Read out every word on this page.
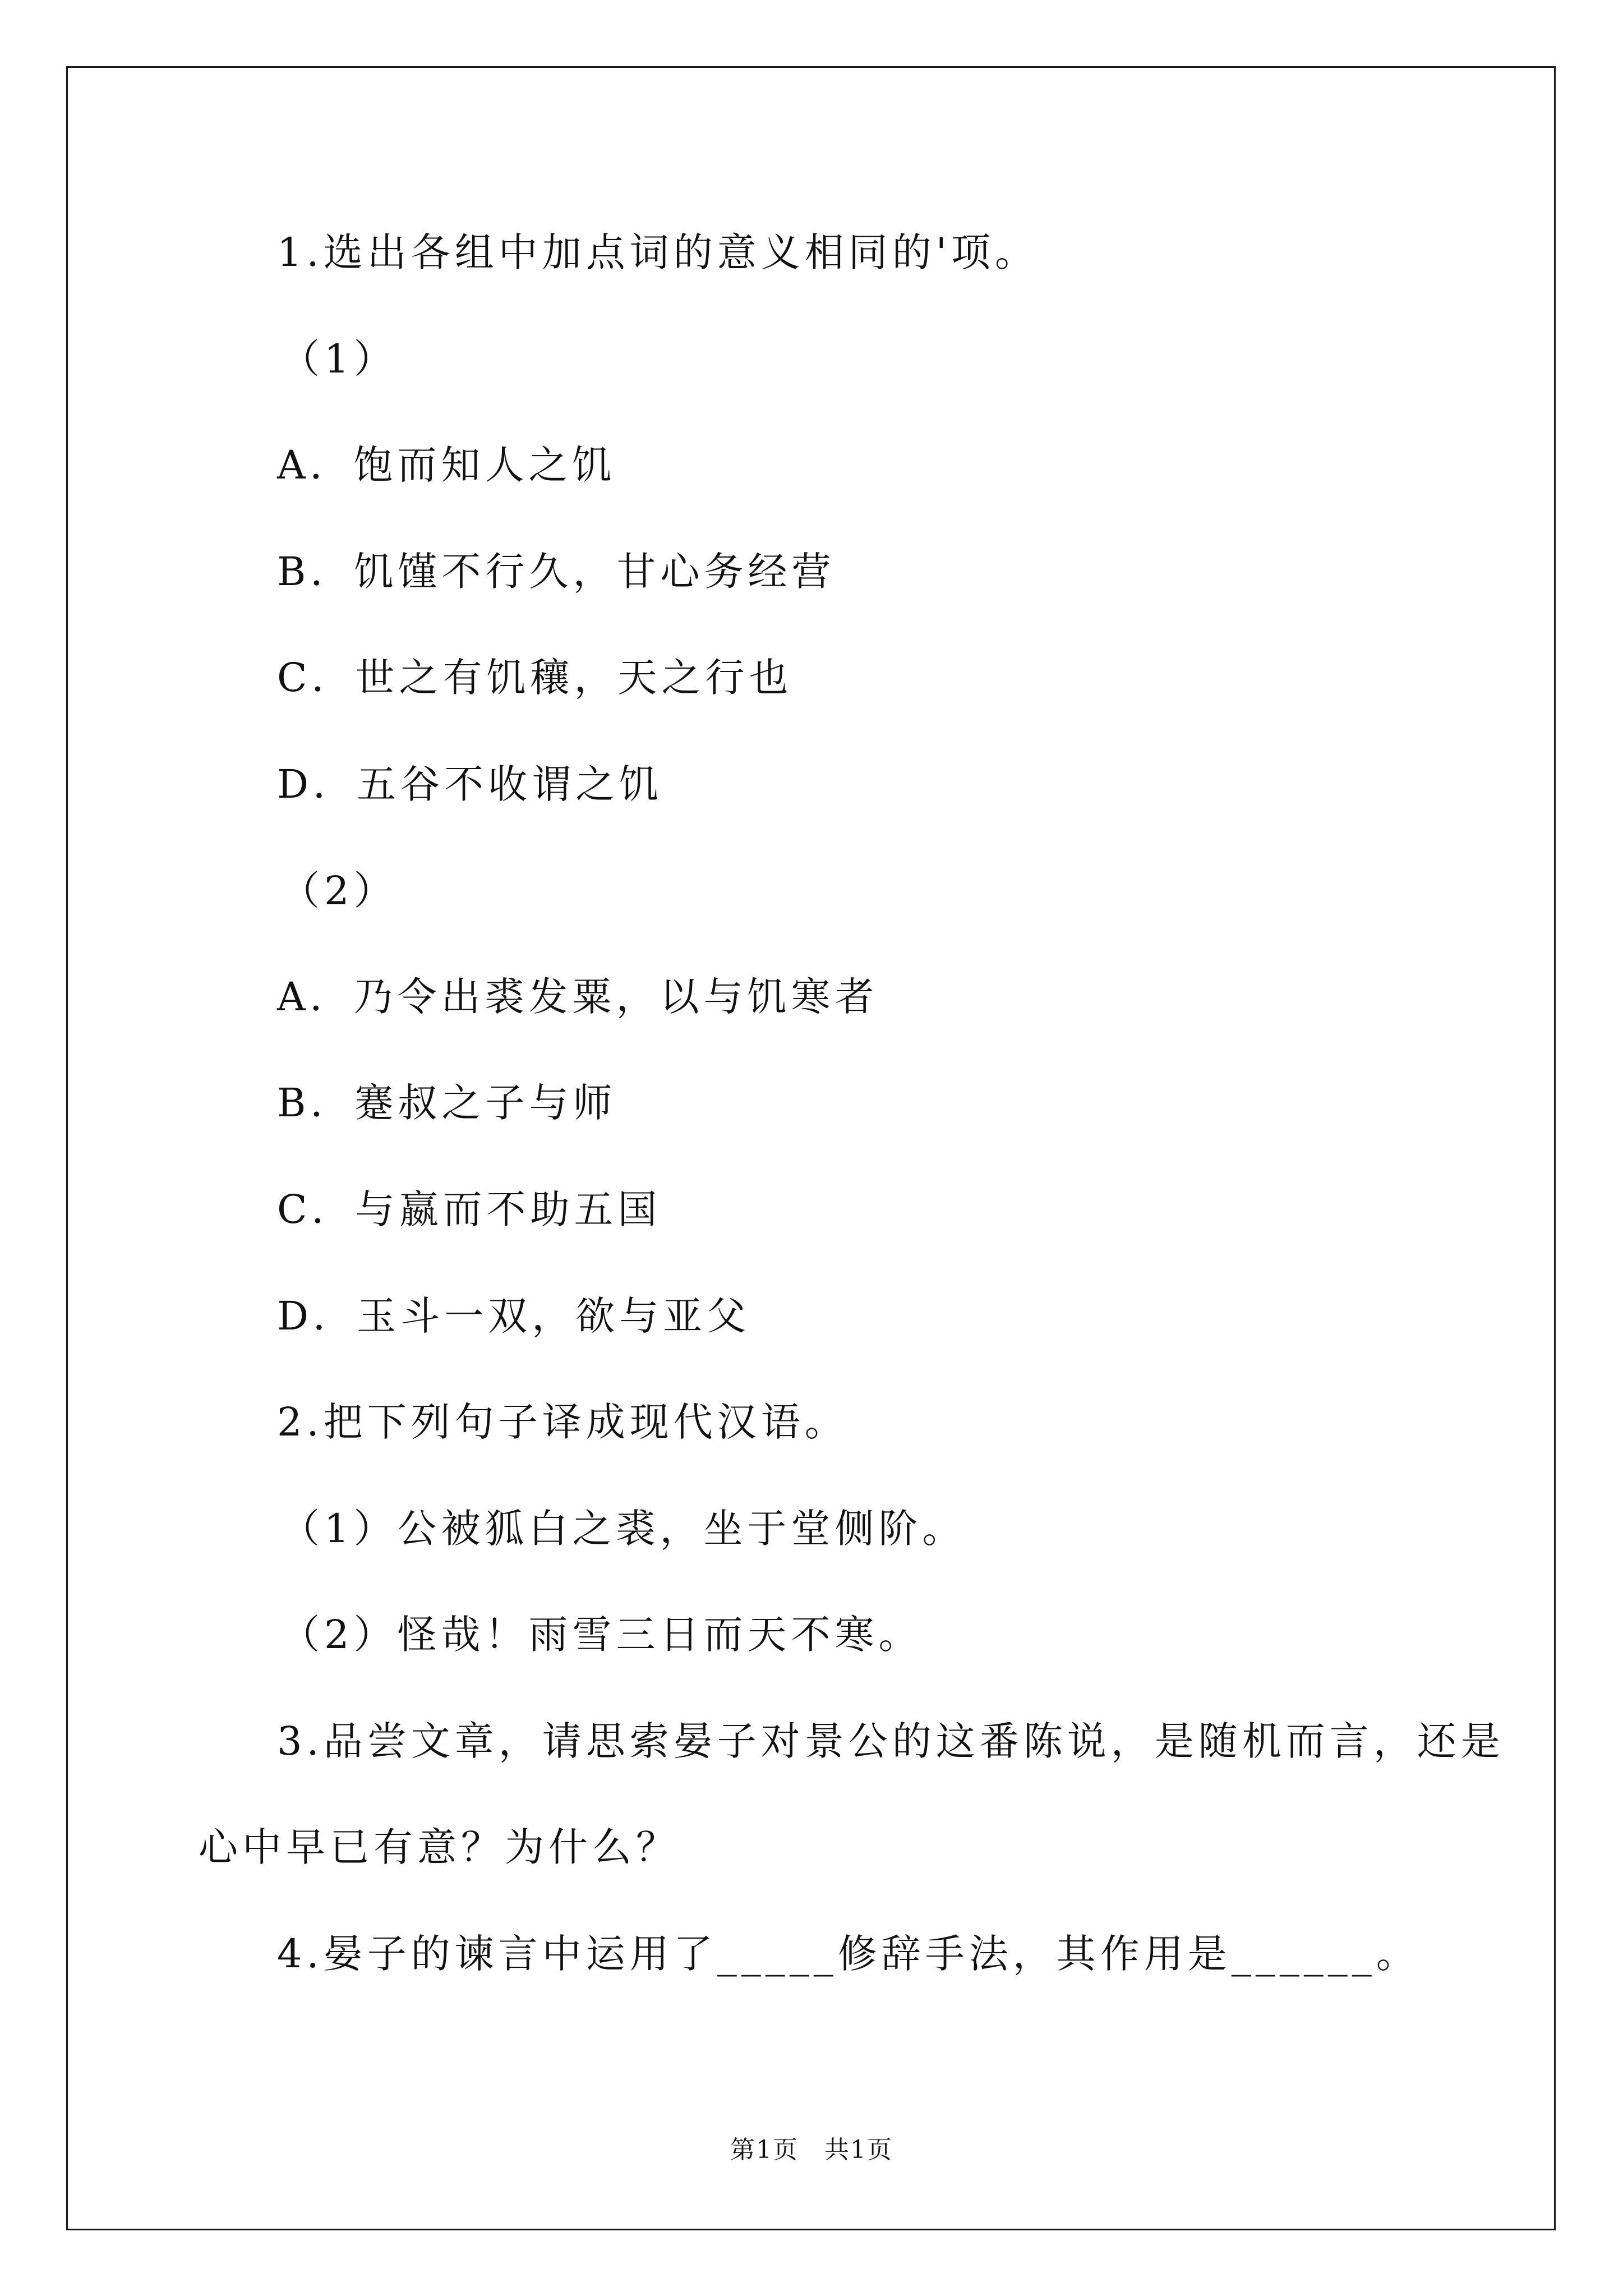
1.选出各组中加点词的意义相同的'项。
（1）
A．饱而知人之饥
B．饥馑不行久，甘心务经营
C．世之有饥穰，天之行也
D．五谷不收谓之饥
（2）
A．乃令出裘发粟，以与饥寒者
B．蹇叔之子与师
C．与嬴而不助五国
D．玉斗一双，欲与亚父
2.把下列句子译成现代汉语。
（1）公被狐白之裘，坐于堂侧阶。
（2）怪哉！雨雪三日而天不寒。
3.品尝文章，请思索晏子对景公的这番陈说，是随机而言，还是
心中早已有意？为什么？
4.晏子的谏言中运用了_____修辞手法，其作用是______。
第1页　共1页
